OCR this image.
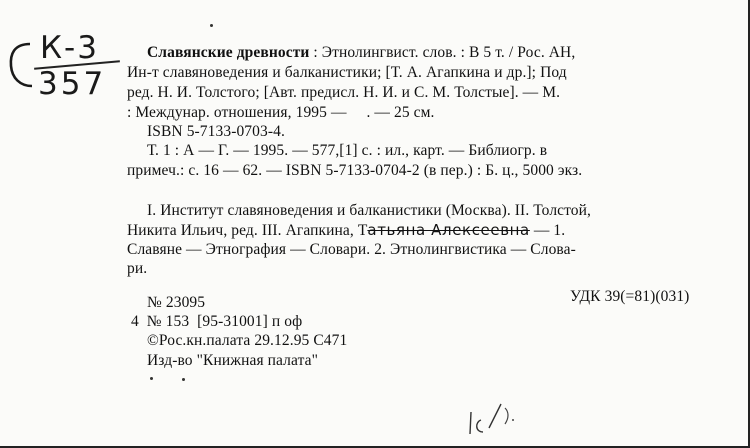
К-3
357
Славянские древности : Этнолингвист. слов. : В 5 т. / Рос. АН,
Ин-т славяноведения и балканистики; [Т. А. Агапкина и др.]; Под
ред. Н. И. Толстого; [Авт. предисл. Н. И. и С. М. Толстые]. — М.
: Междунар. отношения, 1995 —     . — 25 см.
ISBN 5-7133-0703-4.
Т. 1 : А — Г. — 1995. — 577,[1] с. : ил., карт. — Библиогр. в
примеч.: с. 16 — 62. — ISBN 5-7133-0704-2 (в пер.) : Б. ц., 5000 экз.
I. Институт славяноведения и балканистики (Москва). II. Толстой,
Никита Ильич, ред. III. Агапкина, Татьяна Алексеевна — 1.
Славяне — Этнография — Словари. 2. Этнолингвистика — Слова-
ри.
№ 23095	УДК 39(=81)(031)
4  № 153  [95-31001] п оф
©Рос.кн.палата 29.12.95 С471
Изд-во "Книжная палата"
